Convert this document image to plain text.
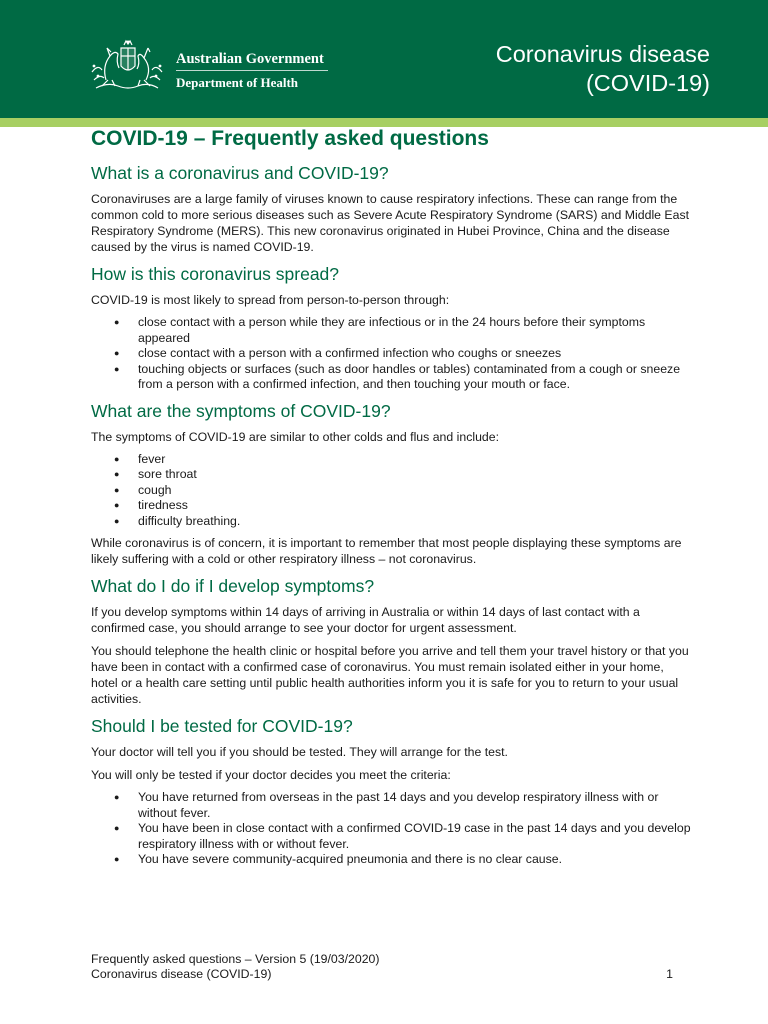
Australian Government
Department of Health
Coronavirus disease
(COVID-19)
COVID-19 – Frequently asked questions
What is a coronavirus and COVID-19?

Coronaviruses are a large family of viruses known to cause respiratory infections. These can range from the common cold to more serious diseases such as Severe Acute Respiratory Syndrome (SARS) and Middle East Respiratory Syndrome (MERS). This new coronavirus originated in Hubei Province, China and the disease caused by the virus is named COVID-19.

How is this coronavirus spread?

COVID-19 is most likely to spread from person-to-person through:

● close contact with a person while they are infectious or in the 24 hours before their symptoms appeared
● close contact with a person with a confirmed infection who coughs or sneezes
● touching objects or surfaces (such as door handles or tables) contaminated from a cough or sneeze from a person with a confirmed infection, and then touching your mouth or face.
What are the symptoms of COVID-19?

The symptoms of COVID-19 are similar to other colds and flus and include:

● fever
● sore throat
● cough
● tiredness
● difficulty breathing.

While coronavirus is of concern, it is important to remember that most people displaying these symptoms are likely suffering with a cold or other respiratory illness – not coronavirus.

What do I do if I develop symptoms?

If you develop symptoms within 14 days of arriving in Australia or within 14 days of last contact with a confirmed case, you should arrange to see your doctor for urgent assessment.

You should telephone the health clinic or hospital before you arrive and tell them your travel history or that you have been in contact with a confirmed case of coronavirus. You must remain isolated either in your home, hotel or a health care setting until public health authorities inform you it is safe for you to return to your usual activities.

Should I be tested for COVID-19?

Your doctor will tell you if you should be tested. They will arrange for the test.

You will only be tested if your doctor decides you meet the criteria:

● You have returned from overseas in the past 14 days and you develop respiratory illness with or without fever.
● You have been in close contact with a confirmed COVID-19 case in the past 14 days and you develop respiratory illness with or without fever.
● You have severe community-acquired pneumonia and there is no clear cause.
Frequently asked questions – Version 5 (19/03/2020)
Coronavirus disease (COVID-19)	1
